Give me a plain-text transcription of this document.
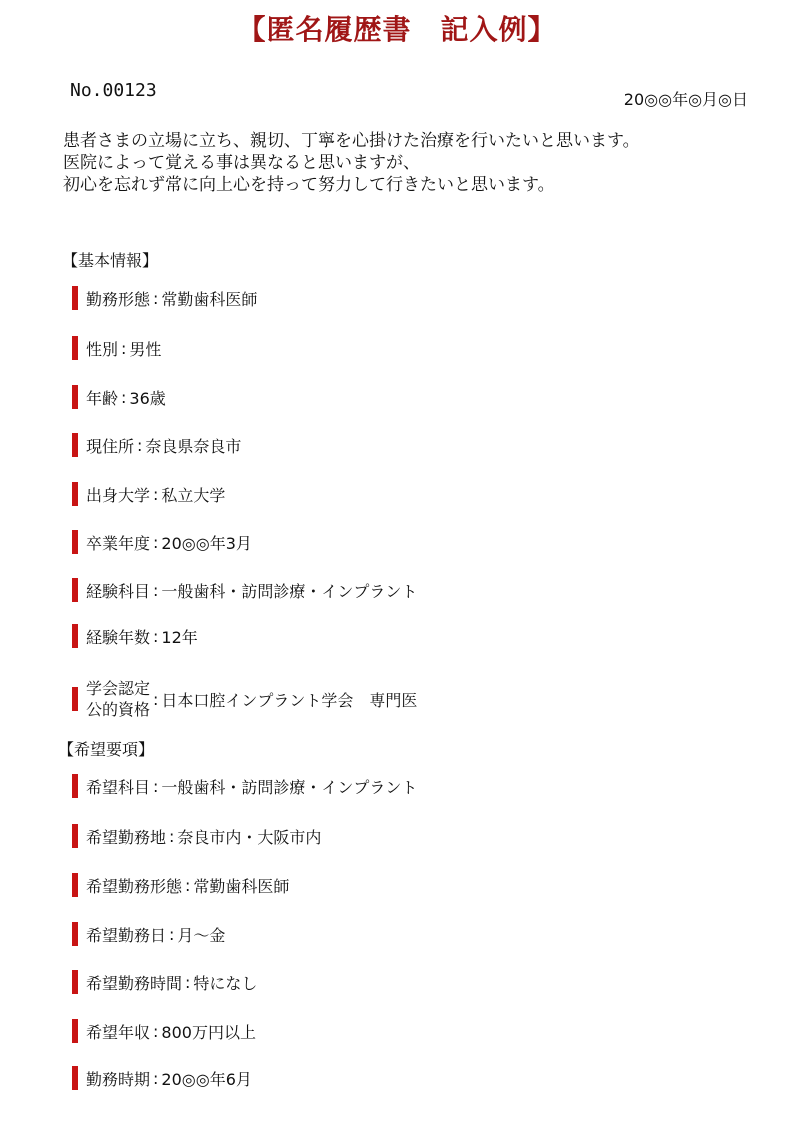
【匿名履歴書　記入例】
No.00123	20◎◎年◎月◎日
患者さまの立場に立ち、親切、丁寧を心掛けた治療を行いたいと思います。
医院によって覚える事は異なると思いますが、
初心を忘れず常に向上心を持って努力して行きたいと思います。
【基本情報】
勤務形態 : 常勤歯科医師
性別 : 男性
年齢 : 36歳
現住所 : 奈良県奈良市
出身大学 : 私立大学
卒業年度 : 20◎◎年3月
経験科目 : 一般歯科・訪問診療・インプラント
経験年数 : 12年
学会認定
公的資格
: 日本口腔インプラント学会　専門医
【希望要項】
希望科目 : 一般歯科・訪問診療・インプラント
希望勤務地 : 奈良市内・大阪市内
希望勤務形態 : 常勤歯科医師
希望勤務日 : 月～金
希望勤務時間 : 特になし
希望年収 : 800万円以上
勤務時期 : 20◎◎年6月
